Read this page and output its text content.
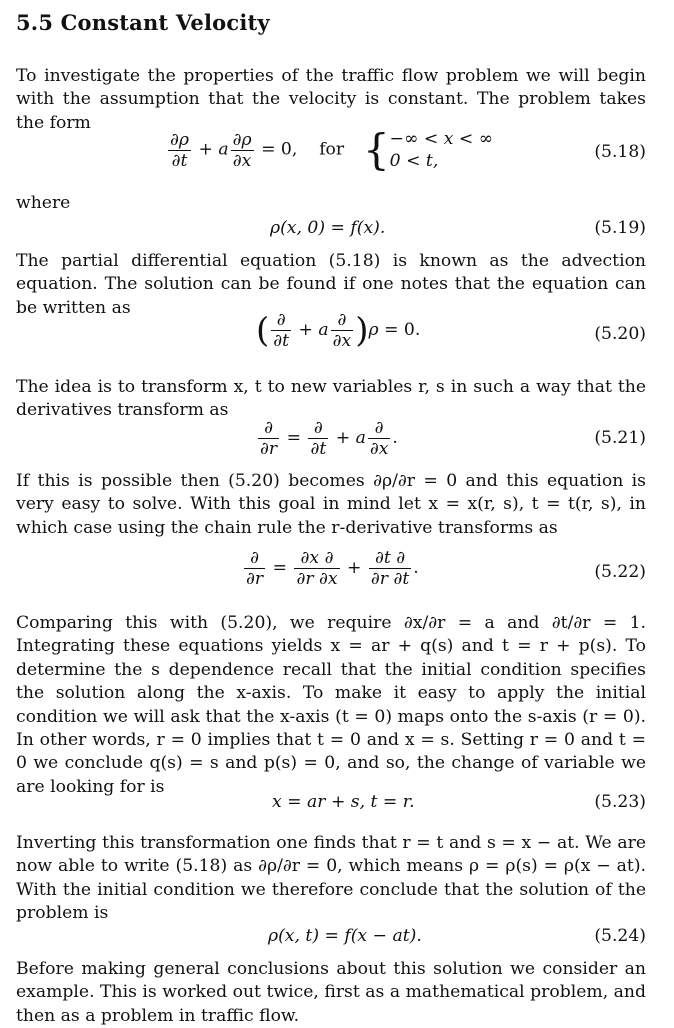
5.5 Constant Velocity
To investigate the properties of the traffic flow problem we will begin with the assumption that the velocity is constant. The problem takes the form
$\frac{\partial\rho}{\partial t} + a \frac{\partial\rho}{\partial x} = 0$,    for  { −∞ < x < ∞
0 < t,	(5.18)
where
ρ(x, 0) = f(x).	(5.19)
The partial differential equation (5.18) is known as the advection equation. The solution can be found if one notes that the equation can be written as
( $\frac{\partial}{\partial t} + a \frac{\partial}{\partial x} )\rho = 0$.	(5.20)
The idea is to transform x, t to new variables r, s in such a way that the derivatives transform as
$\frac{\partial}{\partial r} = \frac{\partial}{\partial t} + a \frac{\partial}{\partial x}$ .	(5.21)
If this is possible then (5.20) becomes ∂ρ/∂r = 0 and this equation is very easy to solve. With this goal in mind let x = x(r, s), t = t(r, s), in which case using the chain rule the r-derivative transforms as
$\frac{\partial}{\partial r} = \frac{\partial x \partial}{\partial r \partial x} + \frac{\partial t \partial}{\partial r \partial t}$ .	(5.22)
Comparing this with (5.20), we require ∂x/∂r = a and ∂t/∂r = 1. Integrating these equations yields x = ar + q(s) and t = r + p(s). To determine the s dependence recall that the initial condition specifies the solution along the x-axis. To make it easy to apply the initial condition we will ask that the x-axis (t = 0) maps onto the s-axis (r = 0). In other words, r = 0 implies that t = 0 and x = s. Setting r = 0 and t = 0 we conclude q(s) = s and p(s) = 0, and so, the change of variable we are looking for is
x = ar + s, t = r.	(5.23)
Inverting this transformation one finds that r = t and s = x − at. We are now able to write (5.18) as ∂ρ/∂r = 0, which means ρ = ρ(s) = ρ(x − at). With the initial condition we therefore conclude that the solution of the problem is
ρ(x, t) = f(x − at).	(5.24)
Before making general conclusions about this solution we consider an example. This is worked out twice, first as a mathematical problem, and then as a problem in traffic flow.
